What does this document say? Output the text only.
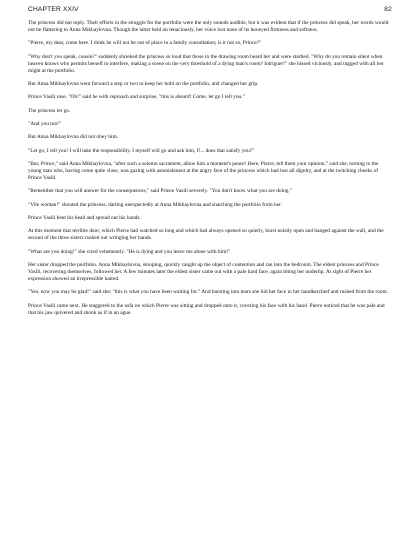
CHAPTER XXIV	82

The princess did not reply. Their efforts in the struggle for the portfolio were the only sounds audible, but it was evident that if the princess did speak, her words would not be flattering to Anna Mikhaylovna. Though the latter held on tenaciously, her voice lost none of its honeyed firmness and softness.

"Pierre, my dear, come here. I think he will not be out of place in a family consultation; is it not so, Prince?"

"Why don't you speak, cousin?" suddenly shrieked the princess so loud that those in the drawing room heard her and were startled. "Why do you remain silent when heaven knows who permits herself to interfere, making a scene on the very threshold of a dying man's room? Intriguer!" she hissed viciously, and tugged with all her might at the portfolio.

But Anna Mikhaylovna went forward a step or two to keep her hold on the portfolio, and changed her grip.

Prince Vasili rose. "Oh!" said he with reproach and surprise, "this is absurd! Come, let go I tell you."

The princess let go.

"And you too!"

But Anna Mikhaylovna did not obey him.

"Let go, I tell you! I will take the responsibility. I myself will go and ask him, I!... does that satisfy you?"

"But, Prince," said Anna Mikhaylovna, "after such a solemn sacrament, allow him a moment's peace! Here, Pierre, tell them your opinion," said she, turning to the young man who, having come quite close, was gazing with astonishment at the angry face of the princess which had lost all dignity, and at the twitching cheeks of Prince Vasili.

"Remember that you will answer for the consequences," said Prince Vasili severely. "You don't know what you are doing."

"Vile woman!" shouted the princess, darting unexpectedly at Anna Mikhaylovna and snatching the portfolio from her.

Prince Vasili bent his head and spread out his hands.

At this moment that terrible door, which Pierre had watched so long and which had always opened so quietly, burst noisily open and banged against the wall, and the second of the three sisters rushed out wringing her hands.

"What are you doing!" she cried vehemently. "He is dying and you leave me alone with him!"

Her sister dropped the portfolio. Anna Mikhaylovna, stooping, quickly caught up the object of contention and ran into the bedroom. The eldest princess and Prince Vasili, recovering themselves, followed her. A few minutes later the eldest sister came out with a pale hard face, again biting her underlip. At sight of Pierre her expression showed an irrepressible hatred.

"Yes, now you may be glad!" said she; "this is what you have been waiting for." And bursting into tears she hid her face in her handkerchief and rushed from the room.

Prince Vasili came next. He staggered to the sofa on which Pierre was sitting and dropped onto it, covering his face with his hand. Pierre noticed that he was pale and that his jaw quivered and shook as if in an ague.
